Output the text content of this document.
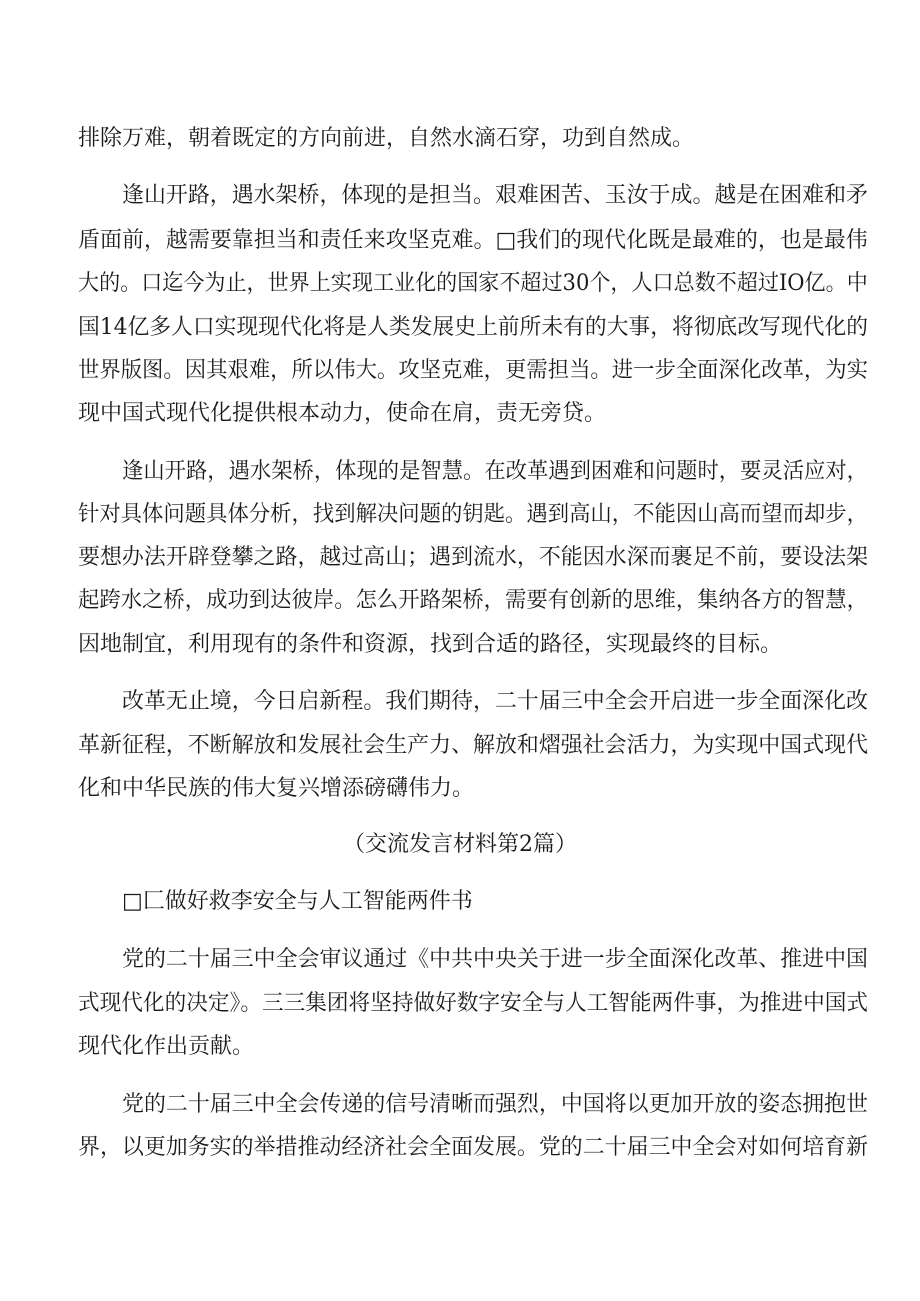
排除万难，朝着既定的方向前进，自然水滴石穿，功到自然成。
逢山开路，遇水架桥，体现的是担当。艰难困苦、玉汝于成。越是在困难和矛
盾面前，越需要靠担当和责任来攻坚克难。□我们的现代化既是最难的，也是最伟
大的。口迄今为止，世界上实现工业化的国家不超过30个，人口总数不超过IO亿。中
国14亿多人口实现现代化将是人类发展史上前所未有的大事，将彻底改写现代化的
世界版图。因其艰难，所以伟大。攻坚克难，更需担当。进一步全面深化改革，为实
现中国式现代化提供根本动力，使命在肩，责无旁贷。
逢山开路，遇水架桥，体现的是智慧。在改革遇到困难和问题时，要灵活应对，
针对具体问题具体分析，找到解决问题的钥匙。遇到高山，不能因山高而望而却步，
要想办法开辟登攀之路，越过高山；遇到流水，不能因水深而裹足不前，要设法架
起跨水之桥，成功到达彼岸。怎么开路架桥，需要有创新的思维，集纳各方的智慧，
因地制宜，利用现有的条件和资源，找到合适的路径，实现最终的目标。
改革无止境，今日启新程。我们期待，二十届三中全会开启进一步全面深化改
革新征程，不断解放和发展社会生产力、解放和熠强社会活力，为实现中国式现代
化和中华民族的伟大复兴增添磅礴伟力。
（交流发言材料第2篇）
□匚做好救李安全与人工智能两件书
党的二十届三中全会审议通过《中共中央关于进一步全面深化改革、推进中国
式现代化的决定》。三三集团将坚持做好数字安全与人工智能两件事，为推进中国式
现代化作出贡献。
党的二十届三中全会传递的信号清晰而强烈，中国将以更加开放的姿态拥抱世
界，以更加务实的举措推动经济社会全面发展。党的二十届三中全会对如何培育新
